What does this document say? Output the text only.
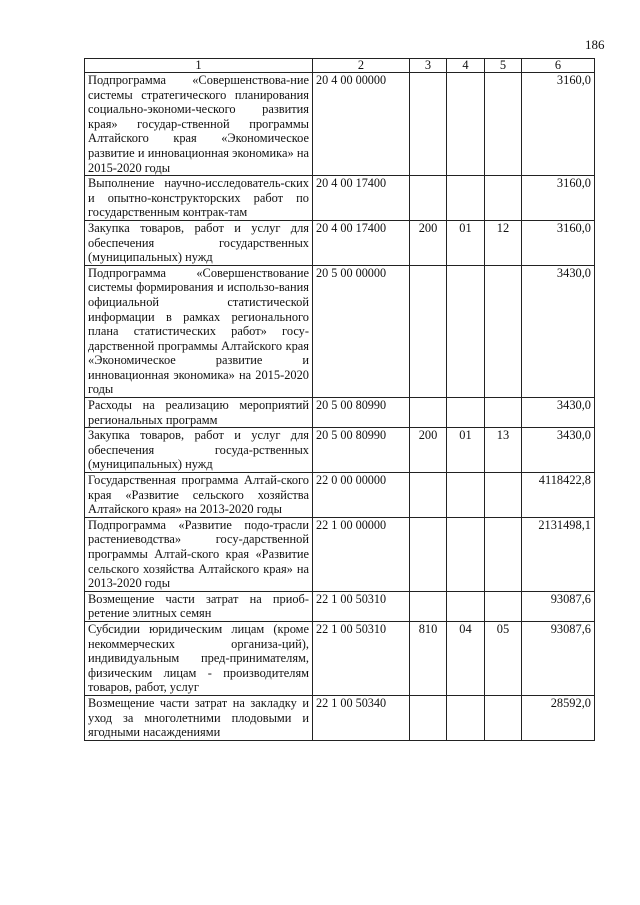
186
1	2	3	4	5	6
Подпрограмма «Совершенствова-ние системы стратегического планирования социально-экономи-ческого развития края» государ-ственной программы Алтайского края «Экономическое развитие и инновационная экономика» на 2015-2020 годы	20 4 00 00000				3160,0
Выполнение научно-исследователь-ских и опытно-конструкторских работ по государственным контрак-там	20 4 00 17400				3160,0
Закупка товаров, работ и услуг для обеспечения государственных (муниципальных) нужд	20 4 00 17400	200	01	12	3160,0
Подпрограмма «Совершенствование системы формирования и использо-вания официальной статистической информации в рамках регионального плана статистических работ» госу-дарственной программы Алтайского края «Экономическое развитие и инновационная экономика» на 2015-2020 годы	20 5 00 00000				3430,0
Расходы на реализацию мероприятий региональных программ	20 5 00 80990				3430,0
Закупка товаров, работ и услуг для обеспечения госуда-рственных (муниципальных) нужд	20 5 00 80990	200	01	13	3430,0
Государственная программа Алтай-ского края «Развитие сельского хозяйства Алтайского края» на 2013-2020 годы	22 0 00 00000				4118422,8
Подпрограмма «Развитие подо-трасли растениеводства» госу-дарственной программы Алтай-ского края «Развитие сельского хозяйства Алтайского края» на 2013-2020 годы	22 1 00 00000				2131498,1
Возмещение части затрат на приоб-ретение элитных семян	22 1 00 50310				93087,6
Субсидии юридическим лицам (кроме некоммерческих организа-ций), индивидуальным пред-принимателям, физическим лицам - производителям товаров, работ, услуг	22 1 00 50310	810	04	05	93087,6
Возмещение части затрат на закладку и уход за многолетними плодовыми и ягодными насаждениями	22 1 00 50340				28592,0
